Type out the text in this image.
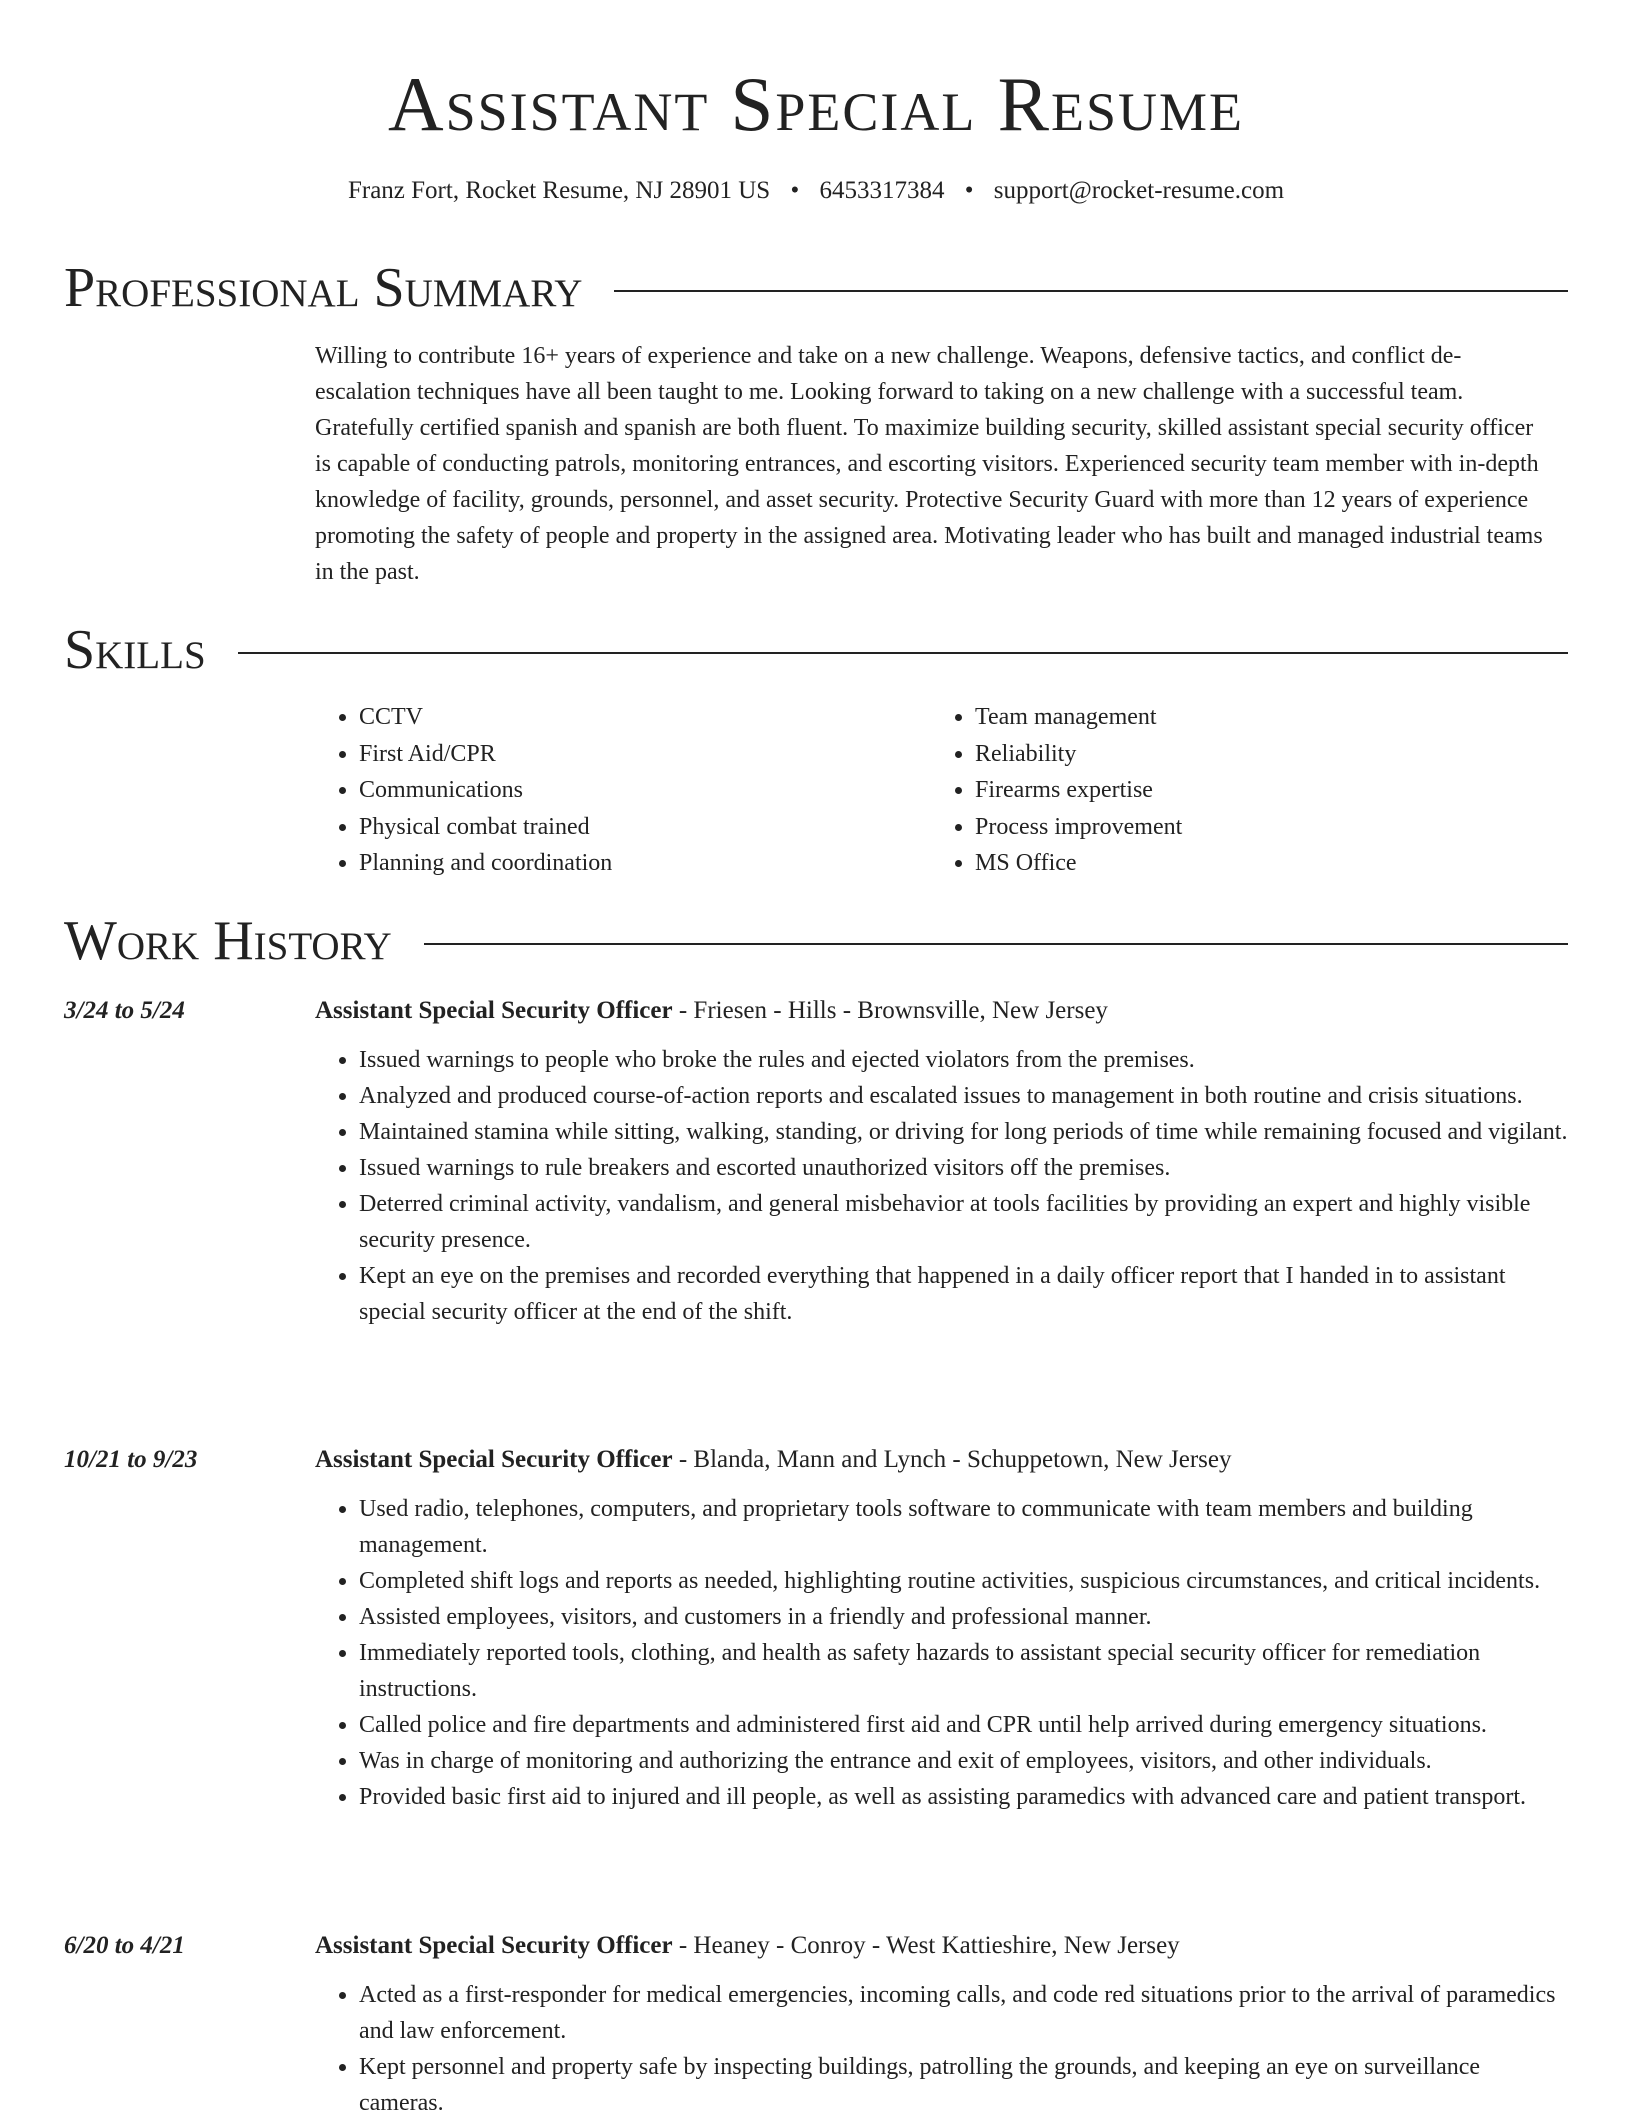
Assistant Special Resume
Franz Fort, Rocket Resume, NJ 28901 US • 6453317384 • support@rocket-resume.com
Professional Summary

Willing to contribute 16+ years of experience and take on a new challenge. Weapons, defensive tactics, and conflict de-escalation techniques have all been taught to me. Looking forward to taking on a new challenge with a successful team. Gratefully certified spanish and spanish are both fluent. To maximize building security, skilled assistant special security officer is capable of conducting patrols, monitoring entrances, and escorting visitors. Experienced security team member with in-depth knowledge of facility, grounds, personnel, and asset security. Protective Security Guard with more than 12 years of experience promoting the safety of people and property in the assigned area. Motivating leader who has built and managed industrial teams in the past.

Skills
• CCTV
• First Aid/CPR
• Communications
• Physical combat trained
• Planning and coordination
• Team management
• Reliability
• Firearms expertise
• Process improvement
• MS Office
Work History
3/24 to 5/24	Assistant Special Security Officer - Friesen - Hills - Brownsville, New Jersey
• Issued warnings to people who broke the rules and ejected violators from the premises.
• Analyzed and produced course-of-action reports and escalated issues to management in both routine and crisis situations.
• Maintained stamina while sitting, walking, standing, or driving for long periods of time while remaining focused and vigilant.
• Issued warnings to rule breakers and escorted unauthorized visitors off the premises.
• Deterred criminal activity, vandalism, and general misbehavior at tools facilities by providing an expert and highly visible security presence.
• Kept an eye on the premises and recorded everything that happened in a daily officer report that I handed in to assistant special security officer at the end of the shift.
10/21 to 9/23	Assistant Special Security Officer - Blanda, Mann and Lynch - Schuppetown, New Jersey
• Used radio, telephones, computers, and proprietary tools software to communicate with team members and building management.
• Completed shift logs and reports as needed, highlighting routine activities, suspicious circumstances, and critical incidents.
• Assisted employees, visitors, and customers in a friendly and professional manner.
• Immediately reported tools, clothing, and health as safety hazards to assistant special security officer for remediation instructions.
• Called police and fire departments and administered first aid and CPR until help arrived during emergency situations.
• Was in charge of monitoring and authorizing the entrance and exit of employees, visitors, and other individuals.
• Provided basic first aid to injured and ill people, as well as assisting paramedics with advanced care and patient transport.
6/20 to 4/21	Assistant Special Security Officer - Heaney - Conroy - West Kattieshire, New Jersey
• Acted as a first-responder for medical emergencies, incoming calls, and code red situations prior to the arrival of paramedics and law enforcement.
• Kept personnel and property safe by inspecting buildings, patrolling the grounds, and keeping an eye on surveillance cameras.
